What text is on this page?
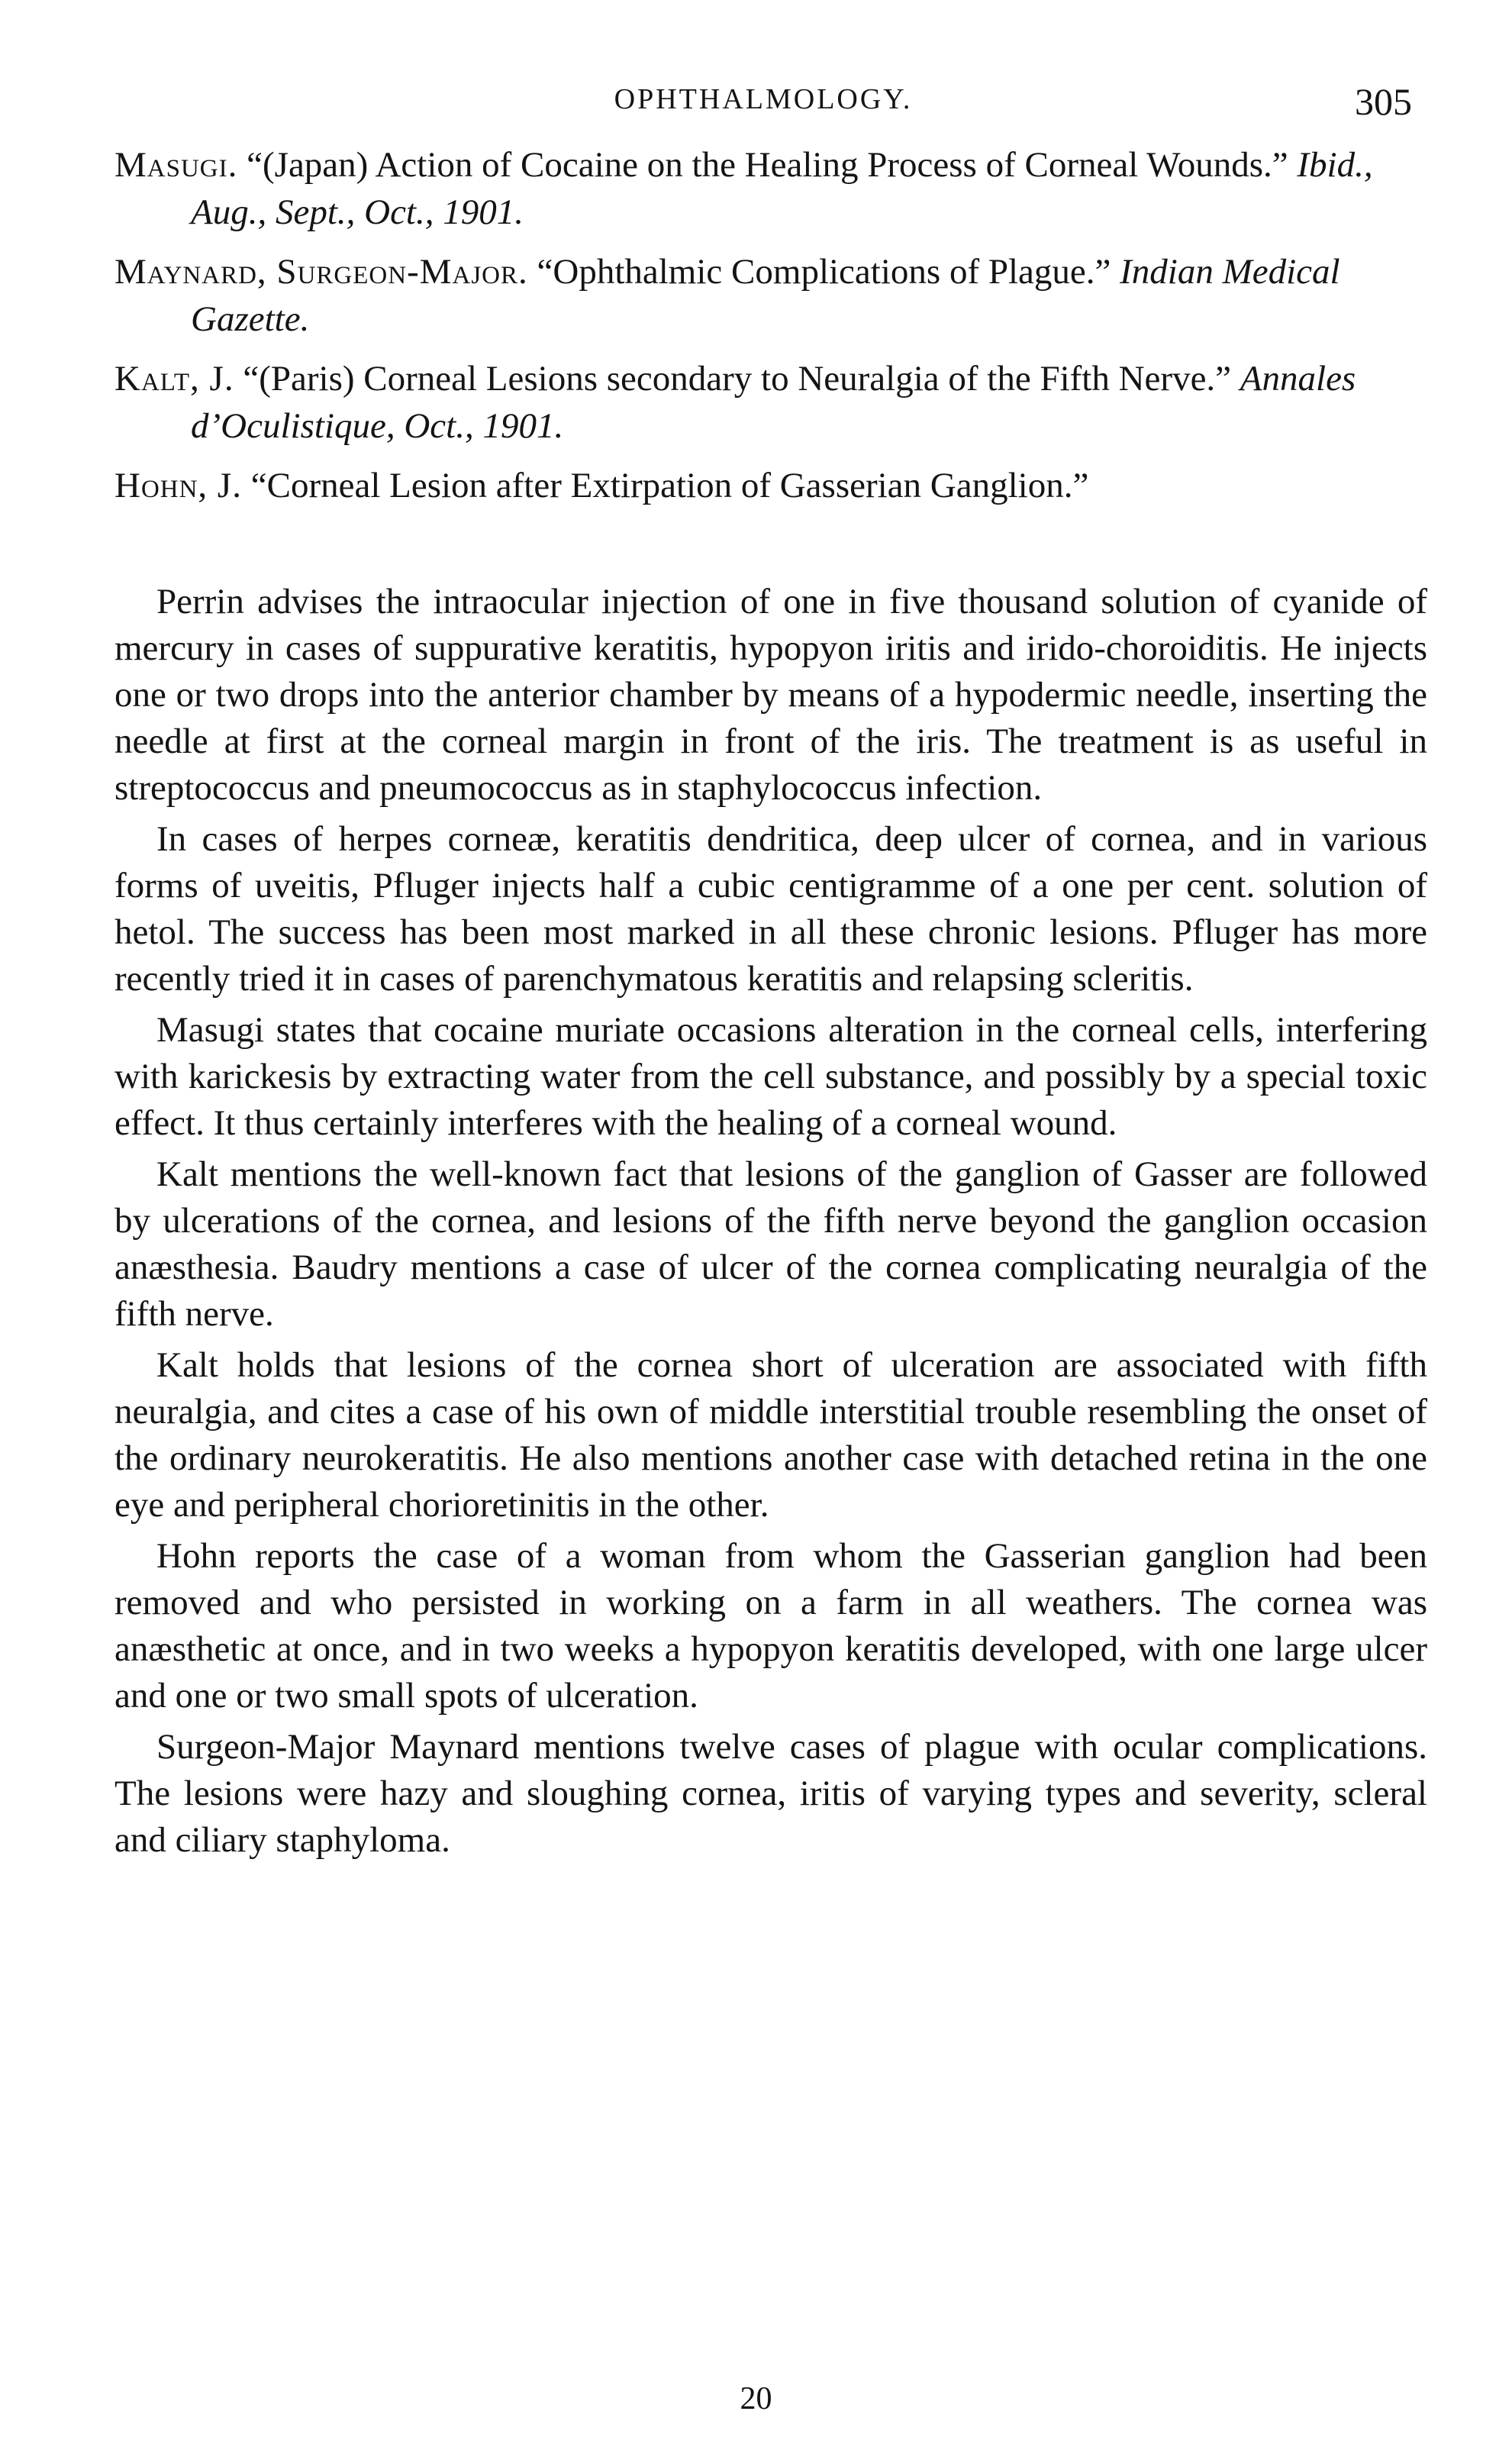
OPHTHALMOLOGY.	305
Masugi. “(Japan) Action of Cocaine on the Healing Process of Corneal Wounds.” Ibid., Aug., Sept., Oct., 1901.
Maynard, Surgeon-Major. “Ophthalmic Complications of Plague.” Indian Medical Gazette.
Kalt, J. “(Paris) Corneal Lesions secondary to Neuralgia of the Fifth Nerve.” Annales d’Oculistique, Oct., 1901.
Hohn, J. “Corneal Lesion after Extirpation of Gasserian Ganglion.”

Perrin advises the intraocular injection of one in five thousand solution of cyanide of mercury in cases of suppurative keratitis, hypopyon iritis and irido-choroiditis. He injects one or two drops into the anterior chamber by means of a hypodermic needle, inserting the needle at first at the corneal margin in front of the iris. The treatment is as useful in streptococcus and pneumococcus as in staphylococcus infection.

In cases of herpes corneæ, keratitis dendritica, deep ulcer of cornea, and in various forms of uveitis, Pfluger injects half a cubic centigramme of a one per cent. solution of hetol. The success has been most marked in all these chronic lesions. Pfluger has more recently tried it in cases of parenchymatous keratitis and relapsing scleritis.

Masugi states that cocaine muriate occasions alteration in the corneal cells, interfering with karickesis by extracting water from the cell substance, and possibly by a special toxic effect. It thus certainly interferes with the healing of a corneal wound.

Kalt mentions the well-known fact that lesions of the ganglion of Gasser are followed by ulcerations of the cornea, and lesions of the fifth nerve beyond the ganglion occasion anæsthesia. Baudry mentions a case of ulcer of the cornea complicating neuralgia of the fifth nerve.

Kalt holds that lesions of the cornea short of ulceration are associated with fifth neuralgia, and cites a case of his own of middle interstitial trouble resembling the onset of the ordinary neurokeratitis. He also mentions another case with detached retina in the one eye and peripheral chorioretinitis in the other.

Hohn reports the case of a woman from whom the Gasserian ganglion had been removed and who persisted in working on a farm in all weathers. The cornea was anæsthetic at once, and in two weeks a hypopyon keratitis developed, with one large ulcer and one or two small spots of ulceration.

Surgeon-Major Maynard mentions twelve cases of plague with ocular complications. The lesions were hazy and sloughing cornea, iritis of varying types and severity, scleral and ciliary staphyloma.

20
